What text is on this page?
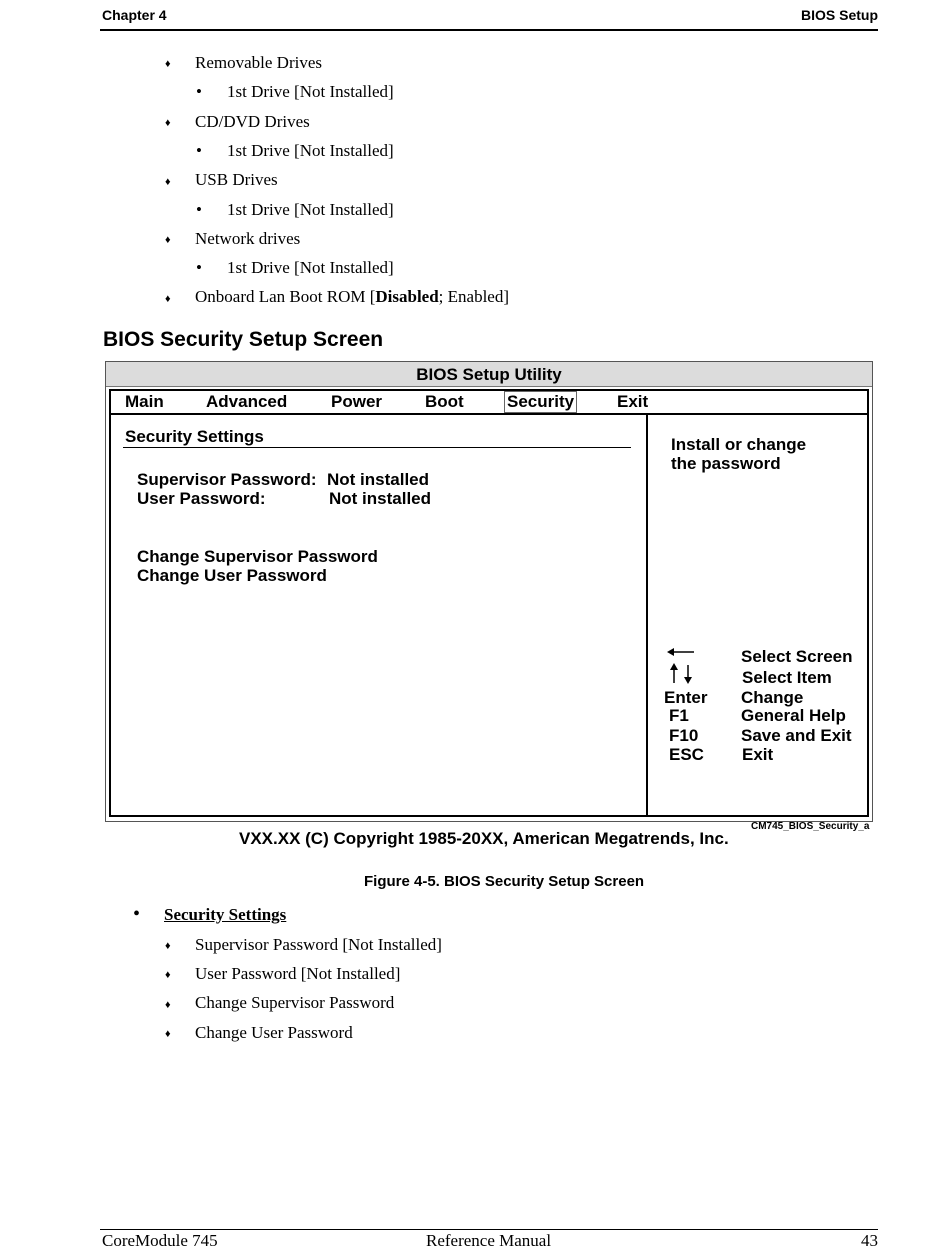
Chapter 4	BIOS Setup
♦ Removable Drives
• 1st Drive [Not Installed]
♦ CD/DVD Drives
• 1st Drive [Not Installed]
♦ USB Drives
• 1st Drive [Not Installed]
♦ Network drives
• 1st Drive [Not Installed]
♦ Onboard Lan Boot ROM [Disabled; Enabled]
BIOS Security Setup Screen
BIOS Setup Utility
Main Advanced	Power	Boot	Security	Exit
Security Settings
Supervisor Password: Not installed
User Password:	Not installed
Change Supervisor Password
Change User Password
Install or change
the password
Select Screen
Select Item
Enter Change
F1	General Help
F10	Save and Exit
ESC Exit
CM745_BIOS_Security_a
VXX.XX (C) Copyright 1985-20XX, American Megatrends, Inc.
Figure 4-5. BIOS Security Setup Screen
• Security Settings
♦ Supervisor Password [Not Installed]
♦ User Password [Not Installed]
♦ Change Supervisor Password
♦ Change User Password
CoreModule 745	Reference Manual	43
